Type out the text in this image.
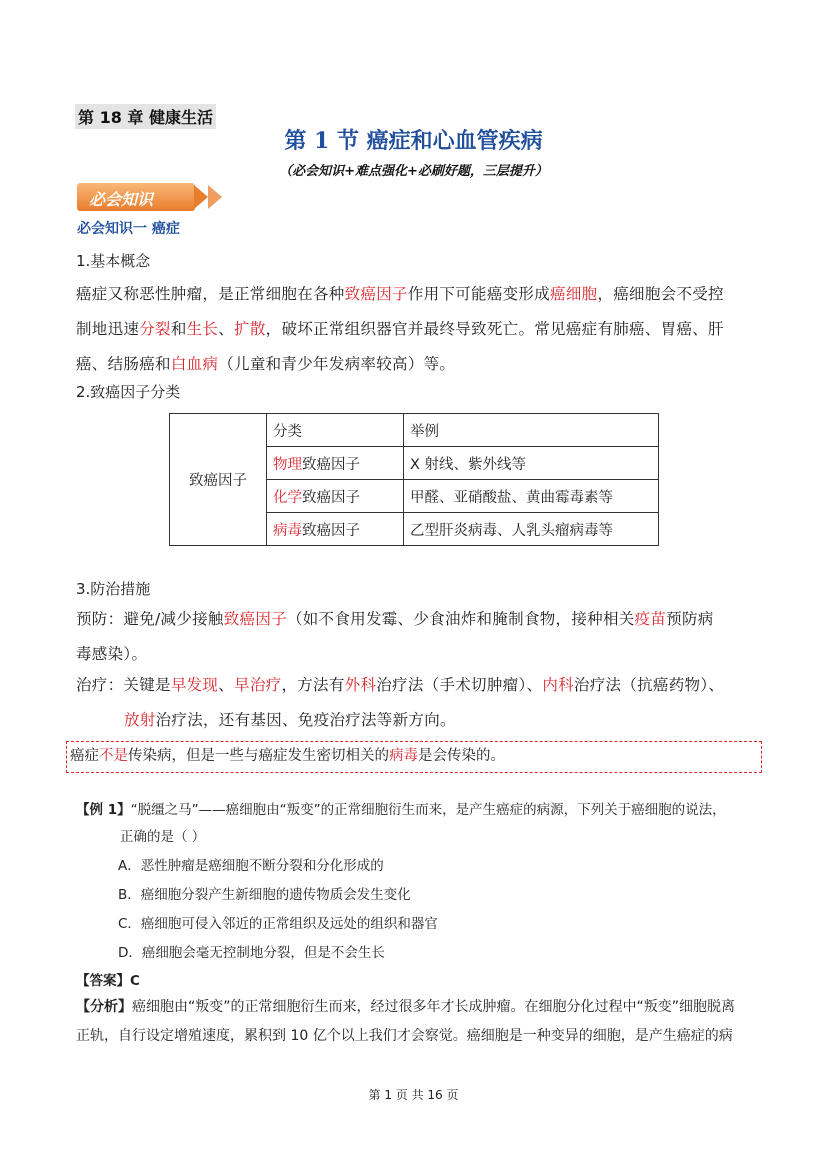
第 18 章 健康生活
第 1 节 癌症和心血管疾病
（必会知识+难点强化+必刷好题，三层提升）
必会知识
必会知识一 癌症
1.基本概念
癌症又称恶性肿瘤，是正常细胞在各种致癌因子作用下可能癌变形成癌细胞，癌细胞会不受控
制地迅速分裂和生长、扩散，破坏正常组织器官并最终导致死亡。常见癌症有肺癌、胃癌、肝
癌、结肠癌和白血病（儿童和青少年发病率较高）等。
2.致癌因子分类
致癌因子	分类	举例
	物理致癌因子	X 射线、紫外线等
	化学致癌因子	甲醛、亚硝酸盐、黄曲霉毒素等
	病毒致癌因子	乙型肝炎病毒、人乳头瘤病毒等
3.防治措施
预防：避免/减少接触致癌因子（如不食用发霉、少食油炸和腌制食物，接种相关疫苗预防病
毒感染）。
治疗：关键是早发现、早治疗，方法有外科治疗法（手术切肿瘤）、内科治疗法（抗癌药物）、
放射治疗法，还有基因、免疫治疗法等新方向。
癌症不是传染病，但是一些与癌症发生密切相关的病毒是会传染的。
【例 1】“脱缰之马”——癌细胞由“叛变”的正常细胞衍生而来，是产生癌症的病源，下列关于癌细胞的说法，
正确的是（ ）
A．恶性肿瘤是癌细胞不断分裂和分化形成的
B．癌细胞分裂产生新细胞的遗传物质会发生变化
C．癌细胞可侵入邻近的正常组织及远处的组织和器官
D．癌细胞会毫无控制地分裂，但是不会生长
【答案】C
【分析】癌细胞由“叛变”的正常细胞衍生而来，经过很多年才长成肿瘤。在细胞分化过程中“叛变”细胞脱离
正轨，自行设定增殖速度，累积到 10 亿个以上我们才会察觉。癌细胞是一种变异的细胞，是产生癌症的病
第 1 页 共 16 页
